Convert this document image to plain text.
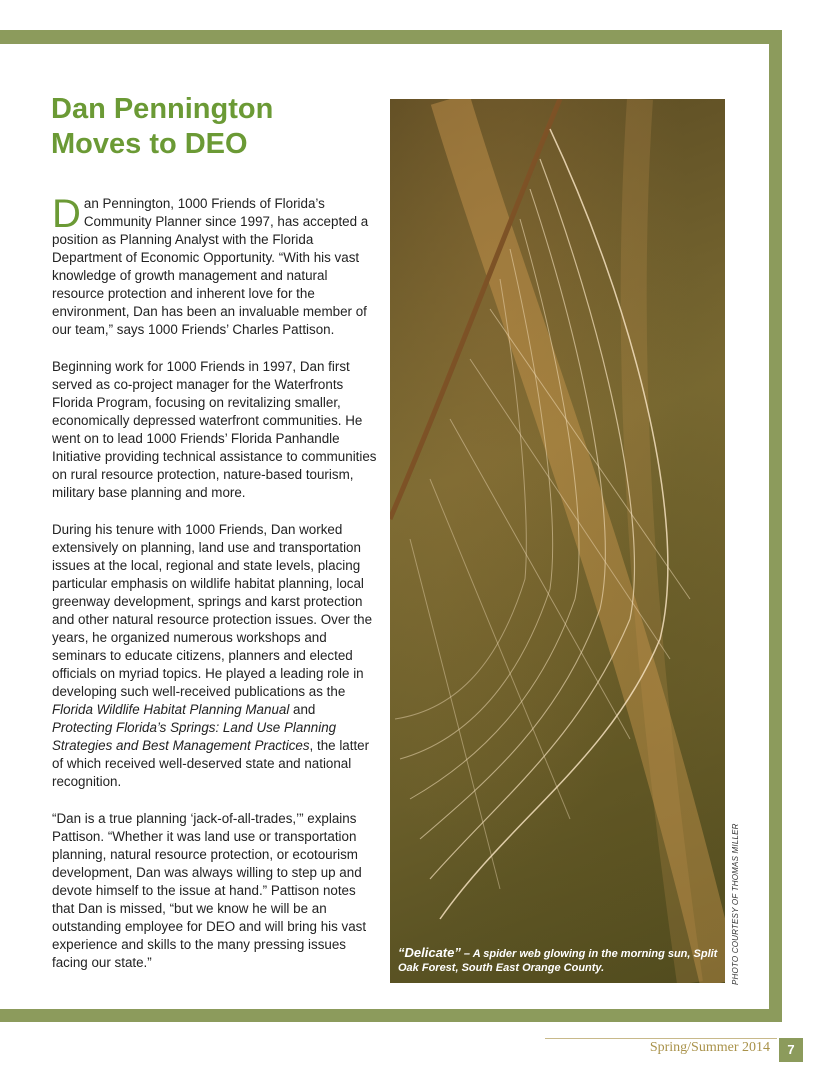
Dan Pennington
Moves to DEO

Dan Pennington, 1000 Friends of Florida’s Community Planner since 1997, has accepted a position as Planning Analyst with the Florida Department of Economic Opportunity. “With his vast knowledge of growth management and natural resource protection and inherent love for the environment, Dan has been an invaluable member of our team,” says 1000 Friends’ Charles Pattison.

Beginning work for 1000 Friends in 1997, Dan first served as co-project manager for the Waterfronts Florida Program, focusing on revitalizing smaller, economically depressed waterfront communities. He went on to lead 1000 Friends’ Florida Panhandle Initiative providing technical assistance to communities on rural resource protection, nature-based tourism, military base planning and more.

During his tenure with 1000 Friends, Dan worked extensively on planning, land use and transportation issues at the local, regional and state levels, placing particular emphasis on wildlife habitat planning, local greenway development, springs and karst protection and other natural resource protection issues. Over the years, he organized numerous workshops and seminars to educate citizens, planners and elected officials on myriad topics. He played a leading role in developing such well-received publications as the Florida Wildlife Habitat Planning Manual and Protecting Florida’s Springs: Land Use Planning Strategies and Best Management Practices, the latter of which received well-deserved state and national recognition.

“Dan is a true planning ‘jack-of-all-trades,’” explains Pattison. “Whether it was land use or transportation planning, natural resource protection, or ecotourism development, Dan was always willing to step up and devote himself to the issue at hand.” Pattison notes that Dan is missed, “but we know he will be an outstanding employee for DEO and will bring his vast experience and skills to the many pressing issues facing our state.”

“Delicate” – A spider web glowing in the morning sun, Split Oak Forest, South East Orange County.	PHOTO COURTESY OF THOMAS MILLER
Spring/Summer 2014	7
